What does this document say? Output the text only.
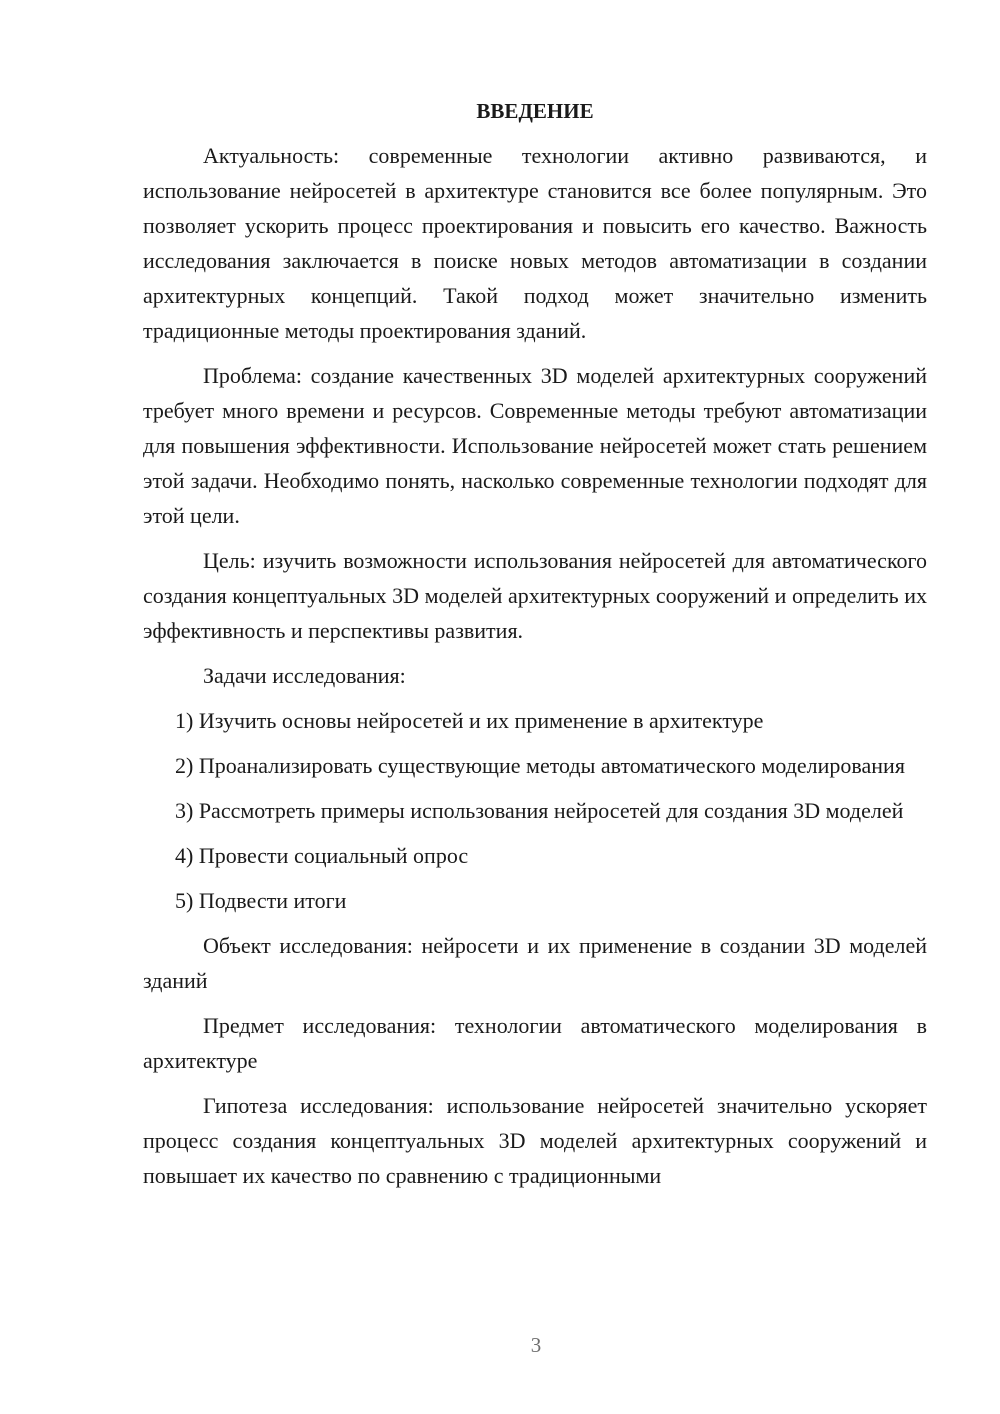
ВВЕДЕНИЕ

Актуальность: современные технологии активно развиваются, и использование нейросетей в архитектуре становится все более популярным. Это позволяет ускорить процесс проектирования и повысить его качество. Важность исследования заключается в поиске новых методов автоматизации в создании архитектурных концепций. Такой подход может значительно изменить традиционные методы проектирования зданий.

Проблема: создание качественных 3D моделей архитектурных сооружений требует много времени и ресурсов. Современные методы требуют автоматизации для повышения эффективности. Использование нейросетей может стать решением этой задачи. Необходимо понять, насколько современные технологии подходят для этой цели.

Цель: изучить возможности использования нейросетей для автоматического создания концептуальных 3D моделей архитектурных сооружений и определить их эффективность и перспективы развития.

Задачи исследования:

1) Изучить основы нейросетей и их применение в архитектуре

2) Проанализировать существующие методы автоматического моделирования

3) Рассмотреть примеры использования нейросетей для создания 3D моделей

4) Провести социальный опрос

5) Подвести итоги

Объект исследования: нейросети и их применение в создании 3D моделей зданий

Предмет исследования: технологии автоматического моделирования в архитектуре

Гипотеза исследования: использование нейросетей значительно ускоряет процесс создания концептуальных 3D моделей архитектурных сооружений и повышает их качество по сравнению с традиционными

3
